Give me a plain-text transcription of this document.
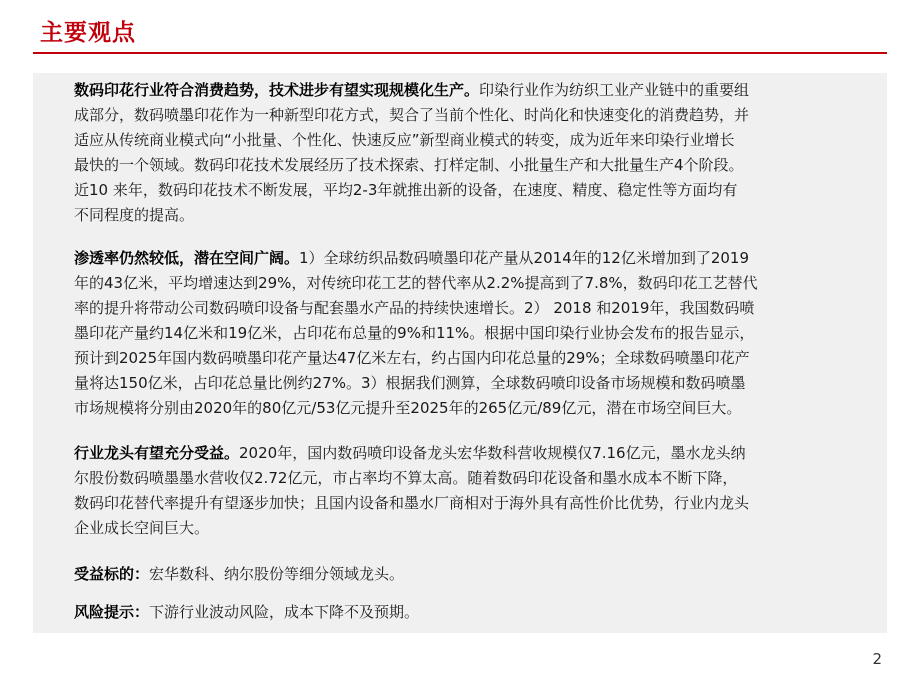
主要观点
数码印花行业符合消费趋势，技术进步有望实现规模化生产。印染行业作为纺织工业产业链中的重要组
成部分，数码喷墨印花作为一种新型印花方式，契合了当前个性化、时尚化和快速变化的消费趋势，并
适应从传统商业模式向“小批量、个性化、快速反应”新型商业模式的转变，成为近年来印染行业增长
最快的一个领域。数码印花技术发展经历了技术探索、打样定制、小批量生产和大批量生产4个阶段。
近10 来年，数码印花技术不断发展，平均2-3年就推出新的设备，在速度、精度、稳定性等方面均有
不同程度的提高。
渗透率仍然较低，潜在空间广阔。1）全球纺织品数码喷墨印花产量从2014年的12亿米增加到了2019
年的43亿米，平均增速达到29%，对传统印花工艺的替代率从2.2%提高到了7.8%，数码印花工艺替代
率的提升将带动公司数码喷印设备与配套墨水产品的持续快速增长。2） 2018 和2019年，我国数码喷
墨印花产量约14亿米和19亿米，占印花布总量的9%和11%。根据中国印染行业协会发布的报告显示，
预计到2025年国内数码喷墨印花产量达47亿米左右，约占国内印花总量的29%；全球数码喷墨印花产
量将达150亿米，占印花总量比例约27%。3）根据我们测算，全球数码喷印设备市场规模和数码喷墨
市场规模将分别由2020年的80亿元/53亿元提升至2025年的265亿元/89亿元，潜在市场空间巨大。
行业龙头有望充分受益。2020年，国内数码喷印设备龙头宏华数科营收规模仅7.16亿元，墨水龙头纳
尔股份数码喷墨墨水营收仅2.72亿元，市占率均不算太高。随着数码印花设备和墨水成本不断下降，
数码印花替代率提升有望逐步加快；且国内设备和墨水厂商相对于海外具有高性价比优势，行业内龙头
企业成长空间巨大。
受益标的：宏华数科、纳尔股份等细分领域龙头。
风险提示：下游行业波动风险，成本下降不及预期。
2
